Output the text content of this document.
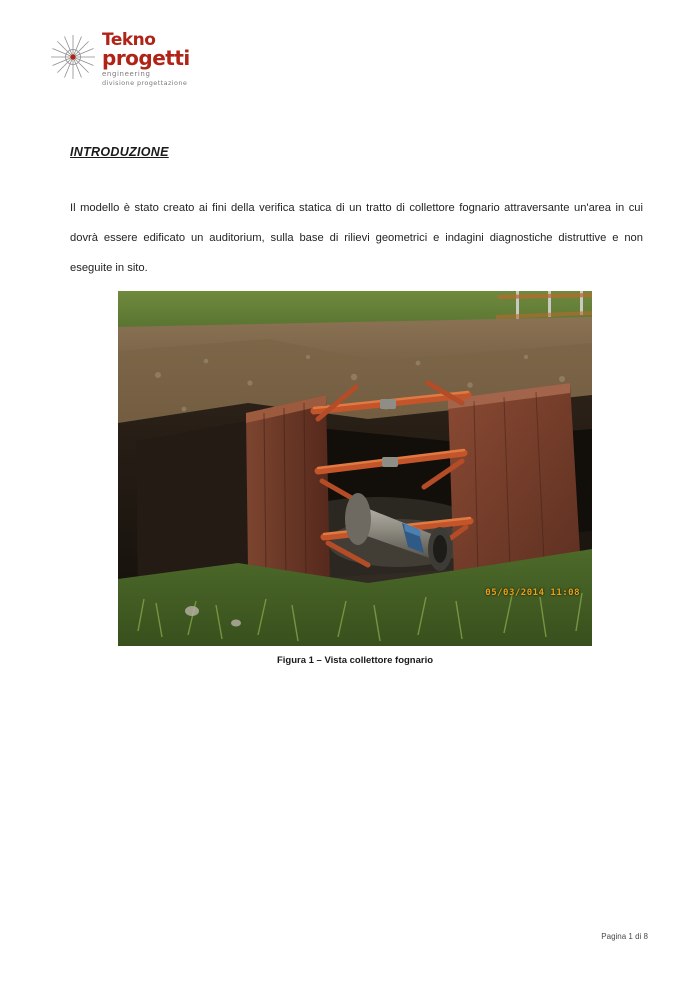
Tekno
progetti
engineering
divisione progettazione
INTRODUZIONE
Il modello è stato creato ai fini della verifica statica di un tratto di collettore fognario attraversante un'area in cui dovrà essere edificato un auditorium, sulla base di rilievi geometrici e indagini diagnostiche distruttive e non eseguite in sito.
05/03/2014 11:08
Figura 1 – Vista collettore fognario
Pagina 1 di 8
